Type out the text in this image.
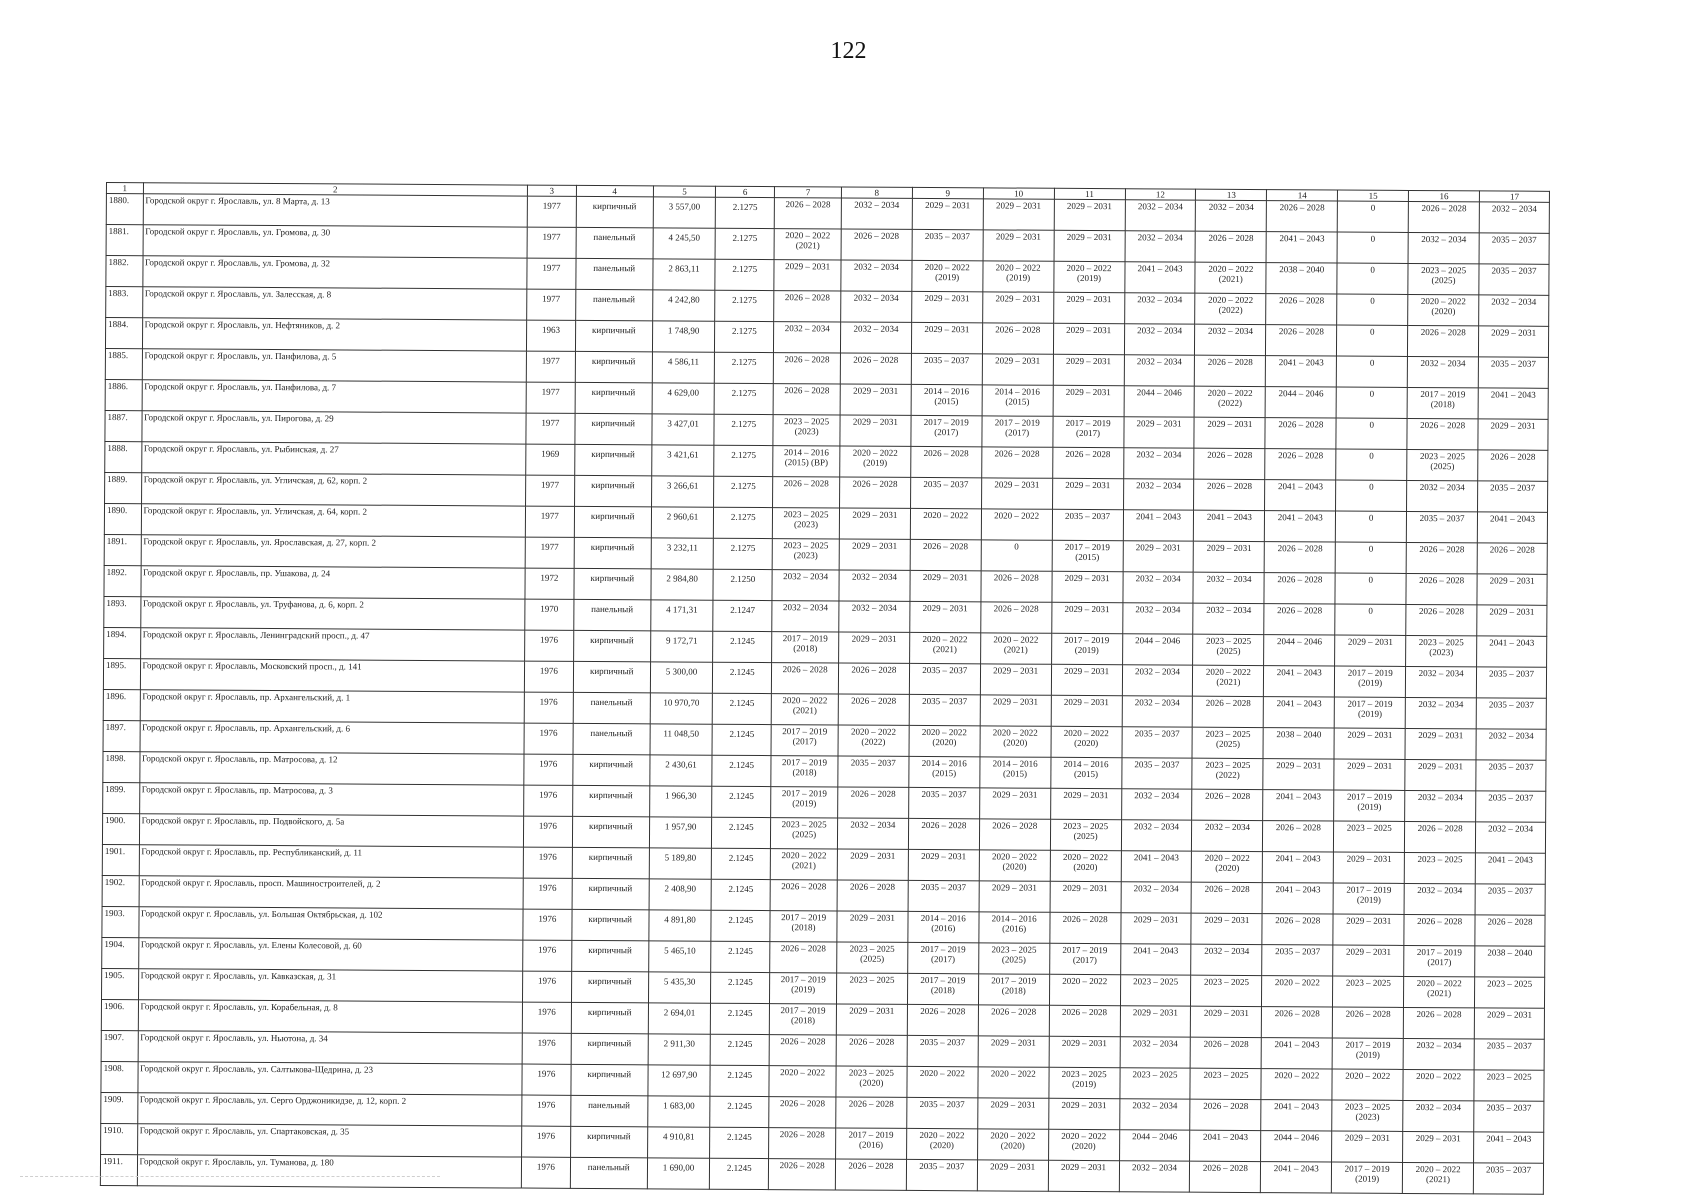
122
1	2	3	4	5	6	7	8	9	10	11	12	13	14	15	16	17
1880.	Городской округ г. Ярославль, ул. 8 Марта, д. 13	1977	кирпичный	3 557,00	2.1275	2026 – 2028	2032 – 2034	2029 – 2031	2029 – 2031	2029 – 2031	2032 – 2034	2032 – 2034	2026 – 2028	0	2026 – 2028	2032 – 2034
1881.	Городской округ г. Ярославль, ул. Громова, д. 30	1977	панельный	4 245,50	2.1275	2020 – 2022 (2021)	2026 – 2028	2035 – 2037	2029 – 2031	2029 – 2031	2032 – 2034	2026 – 2028	2041 – 2043	0	2032 – 2034	2035 – 2037
1882.	Городской округ г. Ярославль, ул. Громова, д. 32	1977	панельный	2 863,11	2.1275	2029 – 2031	2032 – 2034	2020 – 2022 (2019)	2020 – 2022 (2019)	2020 – 2022 (2019)	2041 – 2043	2020 – 2022 (2021)	2038 – 2040	0	2023 – 2025 (2025)	2035 – 2037
1883.	Городской округ г. Ярославль, ул. Залесская, д. 8	1977	панельный	4 242,80	2.1275	2026 – 2028	2032 – 2034	2029 – 2031	2029 – 2031	2029 – 2031	2032 – 2034	2020 – 2022 (2022)	2026 – 2028	0	2020 – 2022 (2020)	2032 – 2034
1884.	Городской округ г. Ярославль, ул. Нефтяников, д. 2	1963	кирпичный	1 748,90	2.1275	2032 – 2034	2032 – 2034	2029 – 2031	2026 – 2028	2029 – 2031	2032 – 2034	2032 – 2034	2026 – 2028	0	2026 – 2028	2029 – 2031
1885.	Городской округ г. Ярославль, ул. Панфилова, д. 5	1977	кирпичный	4 586,11	2.1275	2026 – 2028	2026 – 2028	2035 – 2037	2029 – 2031	2029 – 2031	2032 – 2034	2026 – 2028	2041 – 2043	0	2032 – 2034	2035 – 2037
1886.	Городской округ г. Ярославль, ул. Панфилова, д. 7	1977	кирпичный	4 629,00	2.1275	2026 – 2028	2029 – 2031	2014 – 2016 (2015)	2014 – 2016 (2015)	2029 – 2031	2044 – 2046	2020 – 2022 (2022)	2044 – 2046	0	2017 – 2019 (2018)	2041 – 2043
1887.	Городской округ г. Ярославль, ул. Пирогова, д. 29	1977	кирпичный	3 427,01	2.1275	2023 – 2025 (2023)	2029 – 2031	2017 – 2019 (2017)	2017 – 2019 (2017)	2017 – 2019 (2017)	2029 – 2031	2029 – 2031	2026 – 2028	0	2026 – 2028	2029 – 2031
1888.	Городской округ г. Ярославль, ул. Рыбинская, д. 27	1969	кирпичный	3 421,61	2.1275	2014 – 2016 (2015) (ВР)	2020 – 2022 (2019)	2026 – 2028	2026 – 2028	2026 – 2028	2032 – 2034	2026 – 2028	2026 – 2028	0	2023 – 2025 (2025)	2026 – 2028
1889.	Городской округ г. Ярославль, ул. Угличская, д. 62, корп. 2	1977	кирпичный	3 266,61	2.1275	2026 – 2028	2026 – 2028	2035 – 2037	2029 – 2031	2029 – 2031	2032 – 2034	2026 – 2028	2041 – 2043	0	2032 – 2034	2035 – 2037
1890.	Городской округ г. Ярославль, ул. Угличская, д. 64, корп. 2	1977	кирпичный	2 960,61	2.1275	2023 – 2025 (2023)	2029 – 2031	2020 – 2022	2020 – 2022	2035 – 2037	2041 – 2043	2041 – 2043	2041 – 2043	0	2035 – 2037	2041 – 2043
1891.	Городской округ г. Ярославль, ул. Ярославская, д. 27, корп. 2	1977	кирпичный	3 232,11	2.1275	2023 – 2025 (2023)	2029 – 2031	2026 – 2028	0	2017 – 2019 (2015)	2029 – 2031	2029 – 2031	2026 – 2028	0	2026 – 2028	2026 – 2028
1892.	Городской округ г. Ярославль, пр. Ушакова, д. 24	1972	кирпичный	2 984,80	2.1250	2032 – 2034	2032 – 2034	2029 – 2031	2026 – 2028	2029 – 2031	2032 – 2034	2032 – 2034	2026 – 2028	0	2026 – 2028	2029 – 2031
1893.	Городской округ г. Ярославль, ул. Труфанова, д. 6, корп. 2	1970	панельный	4 171,31	2.1247	2032 – 2034	2032 – 2034	2029 – 2031	2026 – 2028	2029 – 2031	2032 – 2034	2032 – 2034	2026 – 2028	0	2026 – 2028	2029 – 2031
1894.	Городской округ г. Ярославль, Ленинградский просп., д. 47	1976	кирпичный	9 172,71	2.1245	2017 – 2019 (2018)	2029 – 2031	2020 – 2022 (2021)	2020 – 2022 (2021)	2017 – 2019 (2019)	2044 – 2046	2023 – 2025 (2025)	2044 – 2046	2029 – 2031	2023 – 2025 (2023)	2041 – 2043
1895.	Городской округ г. Ярославль, Московский просп., д. 141	1976	кирпичный	5 300,00	2.1245	2026 – 2028	2026 – 2028	2035 – 2037	2029 – 2031	2029 – 2031	2032 – 2034	2020 – 2022 (2021)	2041 – 2043	2017 – 2019 (2019)	2032 – 2034	2035 – 2037
1896.	Городской округ г. Ярославль, пр. Архангельский, д. 1	1976	панельный	10 970,70	2.1245	2020 – 2022 (2021)	2026 – 2028	2035 – 2037	2029 – 2031	2029 – 2031	2032 – 2034	2026 – 2028	2041 – 2043	2017 – 2019 (2019)	2032 – 2034	2035 – 2037
1897.	Городской округ г. Ярославль, пр. Архангельский, д. 6	1976	панельный	11 048,50	2.1245	2017 – 2019 (2017)	2020 – 2022 (2022)	2020 – 2022 (2020)	2020 – 2022 (2020)	2020 – 2022 (2020)	2035 – 2037	2023 – 2025 (2025)	2038 – 2040	2029 – 2031	2029 – 2031	2032 – 2034
1898.	Городской округ г. Ярославль, пр. Матросова, д. 12	1976	кирпичный	2 430,61	2.1245	2017 – 2019 (2018)	2035 – 2037	2014 – 2016 (2015)	2014 – 2016 (2015)	2014 – 2016 (2015)	2035 – 2037	2023 – 2025 (2022)	2029 – 2031	2029 – 2031	2029 – 2031	2035 – 2037
1899.	Городской округ г. Ярославль, пр. Матросова, д. 3	1976	кирпичный	1 966,30	2.1245	2017 – 2019 (2019)	2026 – 2028	2035 – 2037	2029 – 2031	2029 – 2031	2032 – 2034	2026 – 2028	2041 – 2043	2017 – 2019 (2019)	2032 – 2034	2035 – 2037
1900.	Городской округ г. Ярославль, пр. Подвойского, д. 5а	1976	кирпичный	1 957,90	2.1245	2023 – 2025 (2025)	2032 – 2034	2026 – 2028	2026 – 2028	2023 – 2025 (2025)	2032 – 2034	2032 – 2034	2026 – 2028	2023 – 2025	2026 – 2028	2032 – 2034
1901.	Городской округ г. Ярославль, пр. Республиканский, д. 11	1976	кирпичный	5 189,80	2.1245	2020 – 2022 (2021)	2029 – 2031	2029 – 2031	2020 – 2022 (2020)	2020 – 2022 (2020)	2041 – 2043	2020 – 2022 (2020)	2041 – 2043	2029 – 2031	2023 – 2025	2041 – 2043
1902.	Городской округ г. Ярославль, просп. Машиностроителей, д. 2	1976	кирпичный	2 408,90	2.1245	2026 – 2028	2026 – 2028	2035 – 2037	2029 – 2031	2029 – 2031	2032 – 2034	2026 – 2028	2041 – 2043	2017 – 2019 (2019)	2032 – 2034	2035 – 2037
1903.	Городской округ г. Ярославль, ул. Большая Октябрьская, д. 102	1976	кирпичный	4 891,80	2.1245	2017 – 2019 (2018)	2029 – 2031	2014 – 2016 (2016)	2014 – 2016 (2016)	2026 – 2028	2029 – 2031	2029 – 2031	2026 – 2028	2029 – 2031	2026 – 2028	2026 – 2028
1904.	Городской округ г. Ярославль, ул. Елены Колесовой, д. 60	1976	кирпичный	5 465,10	2.1245	2026 – 2028	2023 – 2025 (2025)	2017 – 2019 (2017)	2023 – 2025 (2025)	2017 – 2019 (2017)	2041 – 2043	2032 – 2034	2035 – 2037	2029 – 2031	2017 – 2019 (2017)	2038 – 2040
1905.	Городской округ г. Ярославль, ул. Кавказская, д. 31	1976	кирпичный	5 435,30	2.1245	2017 – 2019 (2019)	2023 – 2025	2017 – 2019 (2018)	2017 – 2019 (2018)	2020 – 2022	2023 – 2025	2023 – 2025	2020 – 2022	2023 – 2025	2020 – 2022 (2021)	2023 – 2025
1906.	Городской округ г. Ярославль, ул. Корабельная, д. 8	1976	кирпичный	2 694,01	2.1245	2017 – 2019 (2018)	2029 – 2031	2026 – 2028	2026 – 2028	2026 – 2028	2029 – 2031	2029 – 2031	2026 – 2028	2026 – 2028	2026 – 2028	2029 – 2031
1907.	Городской округ г. Ярославль, ул. Ньютона, д. 34	1976	кирпичный	2 911,30	2.1245	2026 – 2028	2026 – 2028	2035 – 2037	2029 – 2031	2029 – 2031	2032 – 2034	2026 – 2028	2041 – 2043	2017 – 2019 (2019)	2032 – 2034	2035 – 2037
1908.	Городской округ г. Ярославль, ул. Салтыкова-Щедрина, д. 23	1976	кирпичный	12 697,90	2.1245	2020 – 2022	2023 – 2025 (2020)	2020 – 2022	2020 – 2022	2023 – 2025 (2019)	2023 – 2025	2023 – 2025	2020 – 2022	2020 – 2022	2020 – 2022	2023 – 2025
1909.	Городской округ г. Ярославль, ул. Серго Орджоникидзе, д. 12, корп. 2	1976	панельный	1 683,00	2.1245	2026 – 2028	2026 – 2028	2035 – 2037	2029 – 2031	2029 – 2031	2032 – 2034	2026 – 2028	2041 – 2043	2023 – 2025 (2023)	2032 – 2034	2035 – 2037
1910.	Городской округ г. Ярославль, ул. Спартаковская, д. 35	1976	кирпичный	4 910,81	2.1245	2026 – 2028	2017 – 2019 (2016)	2020 – 2022 (2020)	2020 – 2022 (2020)	2020 – 2022 (2020)	2044 – 2046	2041 – 2043	2044 – 2046	2029 – 2031	2029 – 2031	2041 – 2043
1911.	Городской округ г. Ярославль, ул. Туманова, д. 180	1976	панельный	1 690,00	2.1245	2026 – 2028	2026 – 2028	2035 – 2037	2029 – 2031	2029 – 2031	2032 – 2034	2026 – 2028	2041 – 2043	2017 – 2019 (2019)	2020 – 2022 (2021)	2035 – 2037
